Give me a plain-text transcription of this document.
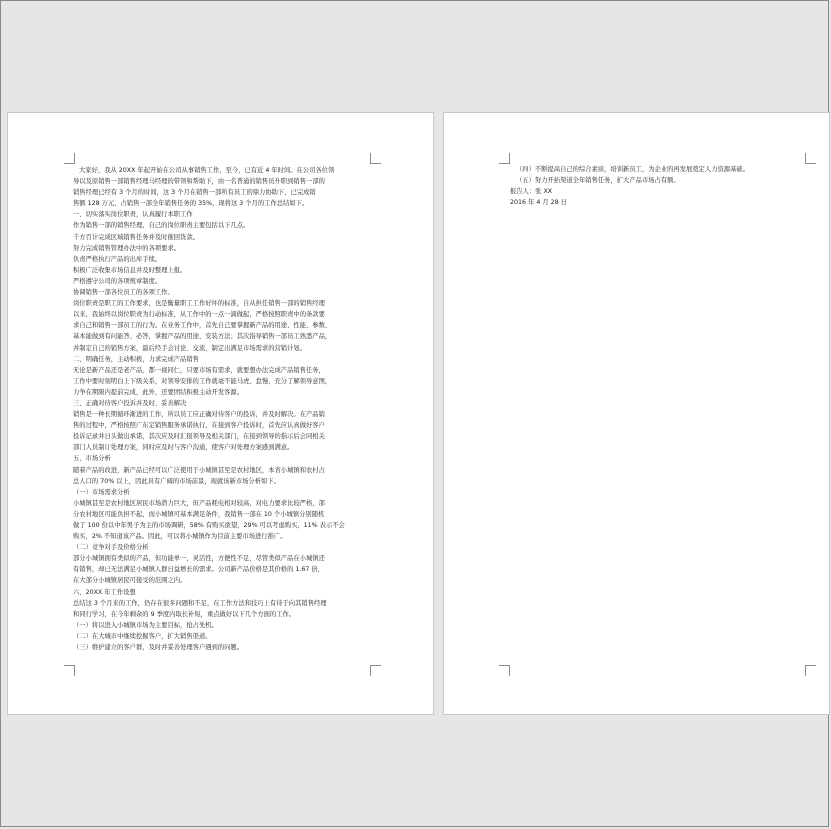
大家好，我从 20XX 年起开始在公司从事销售工作，至今，已有近 4 年时间。在公司各位领

导以及原销售一部销售经理马经理的带领和帮助下，由一名普通的销售员升职到销售一部的

销售经理已经有 3 个月的时间，这 3 个月在销售一部所有员工的鼎力协助下，已完成销

售额 128 万元，占销售一部全年销售任务的 35%，现将这 3 个月的工作总结如下。

一、切实落实岗位职责，认真履行本职工作

作为销售一部的销售经理，自己的岗位职责主要包括以下几点。

千方百计完成区域销售任务并及时催回货款。

努力完成销售管理办法中的各项要求。

负责严格执行产品的出库手续。

积极广泛收集市场信息并及时整理上报。

严格遵守公司的各项规章制度。

协调销售一部各位员工的各项工作。

岗位职责是职工的工作要求，也是衡量职工工作好坏的标准，自从担任销售一部的销售经理

以来，我始终以岗位职责为行动标准，从工作中的一点一滴做起，严格按照职责中的条款要

求自己和销售一部员工的行为。在业务工作中，首先自己要掌握新产品的用途、性能、参数、

基本能做到有问能答、必答，掌握产品的用途、安装方法；其次指导销售一部员工熟悉产品，

并制定自己的销售方案，最后经手会讨论、交流，制定出满足市场需求的营销计划。

二、明确任务，主动积极，力求完成产品销售

无论是新产品还是老产品，都一视同仁，只要市场有需求，就要想办法完成产品销售任务，

工作中要时刻明白上下级关系，对领导安排的工作就毫不能马虎、怠慢，充分了解领导意图，

力争在期限内提前完成，此外，还要团结积极主动开发客源。

三、正确对待客户投诉并及时、妥善解决

销售是一种长期循环渐进的工作，所以员工应正确对待客户的投诉，并及时解决。在产品销

售的过程中，严格按照广东定销售服务承诺执行，在接到客户投诉时，首先应认真做好客户

投诉记录并日头做出承诺，其次应及时汇报领导及相关部门，在接到领导的指示后会同相关

部门人员制订处理方案，同时应及时与客户沟通，使客户对处理方案感到满意。

五、市场分析

随着产品的改进，新产品已经可以广泛使用于小城镇甚至是农村地区，本省小城镇和农村占

总人口的 70% 以上，因此具有广阔的市场前景，现就该新市场分析如下。

（一）市场需求分析

小城镇甚至是农村地区居民市场潜力巨大，但产品耗电相对较高，对电力要求比较严格，部

分农村地区可能负担不起，而小城镇可基本满足条件，我销售一部在 10 个小城镇分别随机

做了 100 份以中年男子为主的市场调研，58% 有购买欲望，29% 可以考虑购买，11% 表示不会

购买，2% 不知道该产品。因此，可以将小城镇作为目前主要市场进行推广。

（二）竞争对手及价格分析

部分小城镇拥有类似的产品，但功能单一，灵活性，方便性不足，尽管类似产品在小城镇还

有销售，却已无法满足小城镇人群日益增长的需求。公司新产品价格是其价格的 1.67 倍，

在大部分小城镇居民可接受的范围之内。

六、20XX 年工作设想

总结这 3 个月来的工作，仍存在很多问题和不足，在工作方法和技巧上有待于向其销售经理

和同行学习，在今年剩余的 9 季度内取长补短，重点做好以下几个方面的工作。

（一）将以进入小城镇市场为主要目标，抢占先机。

（二）在大城市中继续挖掘客户，扩大销售渠道。

（三）维护建立的客户群，及时并妥善处理客户遇到的问题。

（四）不断提高自己的综合素质，培训新员工，为企业的再发展奠定人力资源基础。

（五）努力开拓渠道全年销售任务，扩大产品市场占有额。

报告人：张 XX

2016 年 4 月 28 日
